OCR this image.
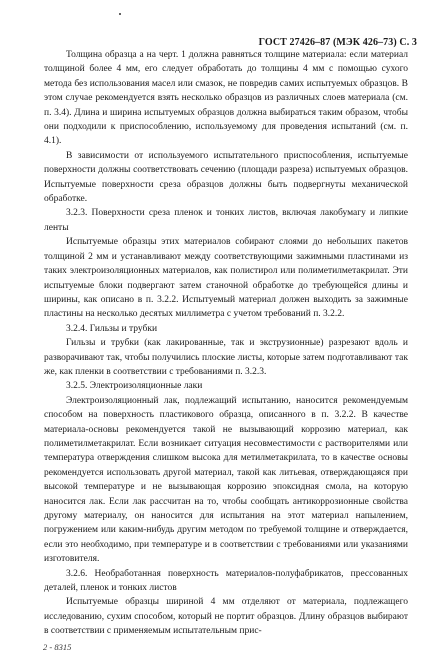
ГОСТ 27426–87 (МЭК 426–73) С. 3

Толщина образца a на черт. 1 должна равняться толщине материала: если материал толщиной более 4 мм, его следует обработать до толщины 4 мм с помощью сухого метода без использования масел или смазок, не повредив самих испытуемых образцов. В этом случае рекомендуется взять несколько образцов из различных слоев материала (см. п. 3.4). Длина и ширина испытуемых образцов должна выбираться таким образом, чтобы они подходили к приспособлению, используемому для проведения испытаний (см. п. 4.1).

В зависимости от используемого испытательного приспособления, испытуемые поверхности должны соответствовать сечению (площади разреза) испытуемых образцов. Испытуемые поверхности среза образцов должны быть подвергнуты механической обработке.

3.2.3. Поверхности среза пленок и тонких листов, включая лакобумагу и липкие ленты

Испытуемые образцы этих материалов собирают слоями до небольших пакетов толщиной 2 мм и устанавливают между соответствующими зажимными пластинами из таких электроизоляционных материалов, как полистирол или полиметилметакрилат. Эти испытуемые блоки подвергают затем станочной обработке до требующейся длины и ширины, как описано в п. 3.2.2. Испытуемый материал должен выходить за зажимные пластины на несколько десятых миллиметра с учетом требований п. 3.2.2.

3.2.4. Гильзы и трубки

Гильзы и трубки (как лакированные, так и экструзионные) разрезают вдоль и разворачивают так, чтобы получились плоские листы, которые затем подготавливают так же, как пленки в соответствии с требованиями п. 3.2.3.

3.2.5. Электроизоляционные лаки

Электроизоляционный лак, подлежащий испытанию, наносится рекомендуемым способом на поверхность пластикового образца, описанного в п. 3.2.2. В качестве материала-основы рекомендуется такой не вызывающий коррозию материал, как полиметилметакрилат. Если возникает ситуация несовместимости с растворителями или температура отверждения слишком высока для метилметакрилата, то в качестве основы рекомендуется использовать другой материал, такой как литьевая, отверждающаяся при высокой температуре и не вызывающая коррозию эпоксидная смола, на которую наносится лак. Если лак рассчитан на то, чтобы сообщать антикоррозионные свойства другому материалу, он наносится для испытания на этот материал напылением, погружением или каким-нибудь другим методом по требуемой толщине и отверждается, если это необходимо, при температуре и в соответствии с требованиями или указаниями изготовителя.

3.2.6. Необработанная поверхность материалов-полуфабрикатов, прессованных деталей, пленок и тонких листов

Испытуемые образцы шириной 4 мм отделяют от материала, подлежащего исследованию, сухим способом, который не портит образцов. Длину образцов выбирают в соответствии с применяемым испытательным прис-

2 - 8315
